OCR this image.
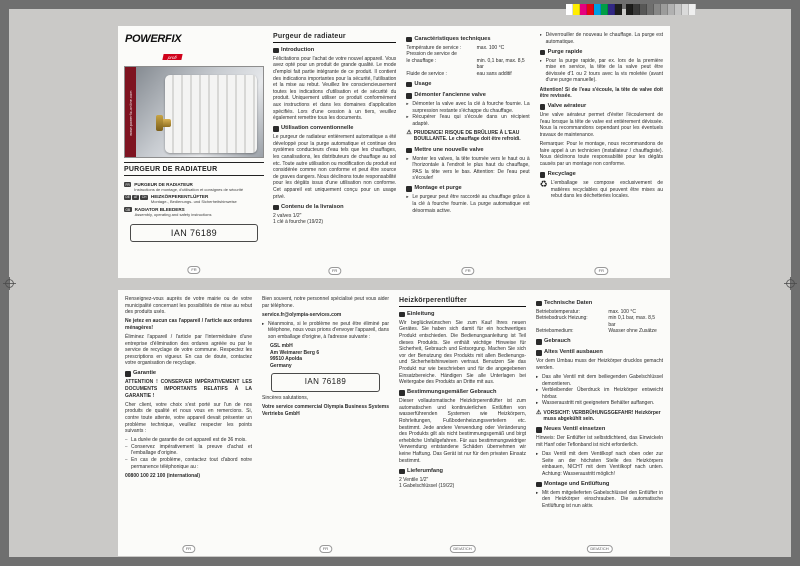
POWERFIX
profi
www.powerfix-online.com
PURGEUR DE RADIATEUR
FR PURGEUR DE RADIATEUR
Instructions de montage, d'utilisation et consignes de sécurité
DE	AT	CH HEIZKÖRPERENTLÜFTER
Montage-, Bedienungs- und Sicherheitshinweise
GB RADIATOR BLEEDERS
Assembly, operating and safety instructions
IAN 76189
FR
Purgeur de radiateur
Introduction
Félicitations pour l'achat de votre nouvel appareil. Vous avez opté pour un produit de grande qualité. Le mode d'emploi fait partie intégrante de ce produit. Il contient des indications importantes pour la sécurité, l'utilisation et la mise au rebut. Veuillez lire consciencieusement toutes les indications d'utilisation et de sécurité du produit. Uniquement utiliser ce produit conformément aux instructions et dans les domaines d'application spécifiés. Lors d'une cession à un tiers, veuillez également remettre tous les documents.
Utilisation conventionnelle
Le purgeur de radiateur entièrement automatique a été développé pour la purge automatique et continue des systèmes conducteurs d'eau tels que les chauffages, les canalisations, les distributeurs de chauffage au sol etc. Toute autre utilisation ou modification du produit est considérée comme non conforme et peut être source de graves dangers. Nous déclinons toute responsabilité pour les dégâts issus d'une utilisation non conforme. Cet appareil est uniquement conçu pour un usage privé.
Contenu de la livraison
2 valves 1/2"
1 clé à fourche (19/22)
FR
Caractéristiques techniques
Température de service :	max. 100 °C
Pression de service de
le chauffage :	min. 0,1 bar, max. 8,5 bar
Fluide de service :	eau sans additif
Usage
Démonter l'ancienne valve
▸ Démonter la valve avec la clé à fourche fournie. La surpression restante s'échappe du chauffage.
▸ Récupérer l'eau qui s'écoule dans un récipient adapté.
⚠ PRUDENCE! RISQUE DE BRÛLURE À L'EAU BOUILLANTE. Le chauffage doit être refroidi.
Mettre une nouvelle valve
▸ Monter les valves, la tête tournée vers le haut ou à l'horizontale à l'endroit le plus haut du chauffage, PAS la tête vers le bas. Attention: De l'eau peut s'écouler!
Montage et purge
▸ Le purgeur peut être raccordé au chauffage grâce à la clé à fourche fournie. La purge automatique est désormais active.
FR
▸ Déverrouiller de nouveau le chauffage. La purge est automatique.
Purge rapide
▸ Pour la purge rapide, par ex. lors de la première mise en service, la tête de la valve peut être dévissée d'1 ou 2 tours avec la vis moletée (avant d'une purge manuelle).
Attention! Si de l'eau s'écoule, la tête de valve doit être revissée.
Valve aérateur
Une valve aérateur permet d'éviter l'écoulement de l'eau lorsque la tête de valve est entièrement dévissée. Nous la recommandons cependant pour les éventuels travaux de maintenance.
Remarque: Pour le montage, nous recommandons de faire appel à un technicien (installateur / chauffagiste). Nous déclinons toute responsabilité pour les dégâts causés par un montage non conforme.
Recyclage
♻ L'emballage se compose exclusivement de matières recyclables qui peuvent être mises au rebut dans les déchetteries locales.
FR
Renseignez-vous auprès de votre mairie ou de votre municipalité concernant les possibilités de mise au rebut des produits usés.
Ne jetez en aucun cas l'appareil / l'article aux ordures ménagères!
Éliminez l'appareil / l'article par l'intermédiaire d'une entreprise d'élimination des ordures agréée ou par le service de recyclage de votre commune. Respectez les prescriptions en vigueur. En cas de doute, contactez votre organisation de recyclage.
Garantie
ATTENTION ! CONSERVER IMPÉRATIVEMENT LES DOCUMENTS IMPORTANTS RELATIFS À LA GARANTIE !
Cher client, votre choix s'est porté sur l'un de nos produits de qualité et nous vous en remercions. Si, contre toute attente, votre appareil devait présenter un problème technique, veuillez respecter les points suivants :
– La durée de garantie de cet appareil est de 36 mois.
– Conservez impérativement la preuve d'achat et l'emballage d'origine.
– En cas de problème, contactez tout d'abord notre permanence téléphonique au :
00800 100 22 100 (international)
FR
Bien souvent, notre personnel spécialisé peut vous aider par téléphone.
service.fr@olympia-services.com
▸ Néanmoins, si le problème ne peut être éliminé par téléphone, nous vous prions d'envoyer l'appareil, dans son emballage d'origine, à l'adresse suivante :
GSL mbH
Am Weimarer Berg 6
99510 Apolda
Germany
IAN 76189
Sincères salutations,
Votre service commercial Olympia Business Systems Vertriebs GmbH
FR
Heizkörperentlüfter
Einleitung
Wir beglückwünschen Sie zum Kauf Ihres neuen Gerätes. Sie haben sich damit für ein hochwertiges Produkt entschieden. Die Bedienungsanleitung ist Teil dieses Produkts. Sie enthält wichtige Hinweise für Sicherheit, Gebrauch und Entsorgung. Machen Sie sich vor der Benutzung des Produkts mit allen Bedienungs- und Sicherheitshinweisen vertraut. Benutzen Sie das Produkt nur wie beschrieben und für die angegebenen Einsatzbereiche. Händigen Sie alle Unterlagen bei Weitergabe des Produkts an Dritte mit aus.
Bestimmungsgemäßer Gebrauch
Dieser vollautomatische Heizkörperentlüfter ist zum automatischen und kontinuierlichen Entlüften von wasserführenden Systemen wie Heizkörpern, Rohrleitungen, Fußbodenheizungsverteilern etc. bestimmt. Jede andere Verwendung oder Veränderung des Produkts gilt als nicht bestimmungsgemäß und birgt erhebliche Unfallgefahren. Für aus bestimmungswidriger Verwendung entstandene Schäden übernehmen wir keine Haftung. Das Gerät ist nur für den privaten Einsatz bestimmt.
Lieferumfang
2 Ventile 1/2"
1 Gabelschlüssel (19/22)
DE/AT/CH
Technische Daten
Betriebstemperatur:	max. 100 °C
Betriebsdruck Heizung:	min 0,1 bar, max. 8,5 bar
Betriebsmedium:	Wasser ohne Zusätze
Gebrauch
Altes Ventil ausbauen
Vor dem Umbau muss der Heizkörper drucklos gemacht werden.
▸ Das alte Ventil mit dem beiliegenden Gabelschlüssel demontieren.
▸ Verbleibender Überdruck im Heizkörper entweicht hörbar.
▸ Wasseraustritt mit geeignetem Behälter auffangen.
⚠ VORSICHT: VERBRÜHUNGSGEFAHR! Heizkörper muss abgekühlt sein.
Neues Ventil einsetzen
Hinweis: Der Entlüfter ist selbstdichtend, das Einwickeln mit Hanf oder Teflonband ist nicht erforderlich.
▸ Das Ventil mit dem Ventilkopf nach oben oder zur Seite an der höchsten Stelle des Heizkörpers einbauen, NICHT mit dem Ventilkopf nach unten. Achtung: Wasseraustritt möglich!
Montage und Entlüftung
▸ Mit dem mitgelieferten Gabelschlüssel den Entlüfter in den Heizkörper einschrauben. Die automatische Entlüftung ist nun aktiv.
DE/AT/CH
